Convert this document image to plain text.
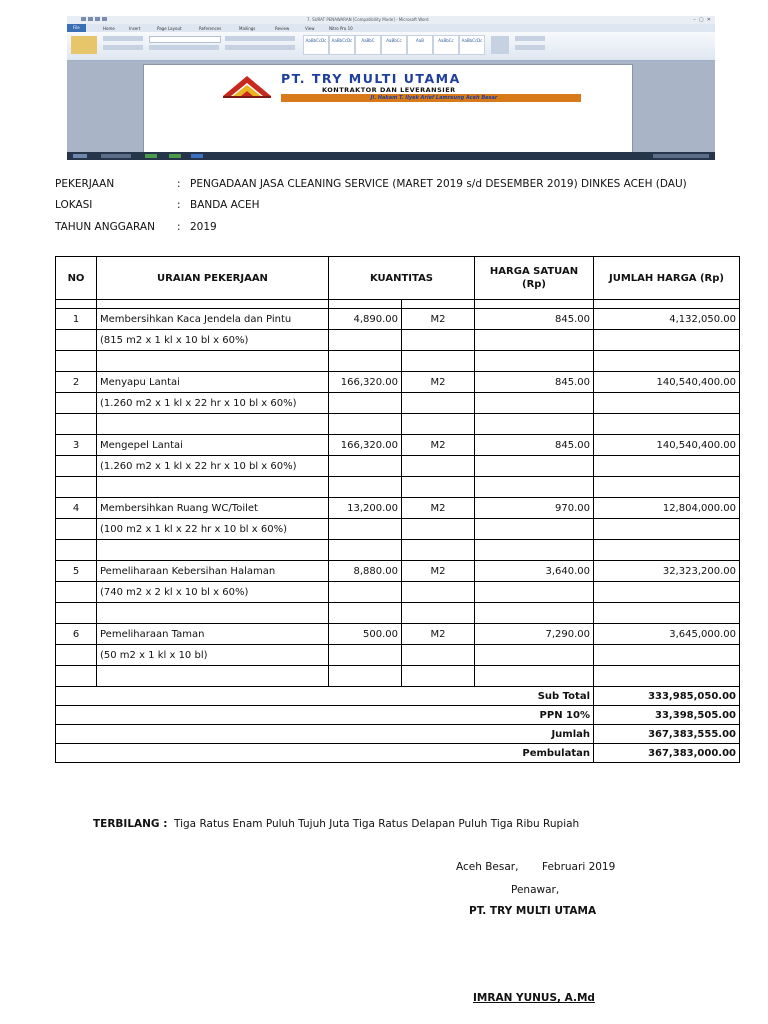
7. SURAT PENAWARAN [Compatibility Mode] - Microsoft Word	–  ▢  ✕
File	Home	Insert	Page Layout	References	Mailings	Review	View	Nitro Pro 10
AaBbCcDc	AaBbCcDc	AaBbC	AaBbCc	AaB	AaBbCc	AaBbCcDc
PT. TRY MULTI UTAMA
KONTRAKTOR DAN LEVERANSIER
Jl. Hakam T. Ilyek Arief Lamreung Aceh Besar
PEKERJAAN	: PENGADAAN JASA CLEANING SERVICE (MARET 2019 s/d DESEMBER 2019) DINKES ACEH (DAU)
LOKASI	: BANDA ACEH
TAHUN ANGGARAN : 2019
NO	URAIAN PEKERJAAN	KUANTITAS		HARGA SATUAN (Rp)	JUMLAH HARGA (Rp)

1	Membersihkan Kaca Jendela dan Pintu	4,890.00	M2	845.00	4,132,050.00
	(815 m2 x 1 kl x 10 bl x 60%)				

2	Menyapu Lantai	166,320.00	M2	845.00	140,540,400.00
	(1.260 m2 x 1 kl x 22 hr x 10 bl x 60%)				

3	Mengepel Lantai	166,320.00	M2	845.00	140,540,400.00
	(1.260 m2 x 1 kl x 22 hr x 10 bl x 60%)				

4	Membersihkan Ruang WC/Toilet	13,200.00	M2	970.00	12,804,000.00
	(100 m2 x 1 kl x 22 hr x 10 bl x 60%)				

5	Pemeliharaan Kebersihan Halaman	8,880.00	M2	3,640.00	32,323,200.00
	(740 m2 x 2 kl x 10 bl x 60%)				

6	Pemeliharaan Taman	500.00	M2	7,290.00	3,645,000.00
	(50 m2 x 1 kl x 10 bl)				

Sub Total					333,985,050.00
PPN 10%					33,398,505.00
Jumlah					367,383,555.00
Pembulatan					367,383,000.00
TERBILANG : Tiga Ratus Enam Puluh Tujuh Juta Tiga Ratus Delapan Puluh Tiga Ribu Rupiah
Aceh Besar, Februari 2019
Penawar,
PT. TRY MULTI UTAMA
IMRAN YUNUS, A.Md
